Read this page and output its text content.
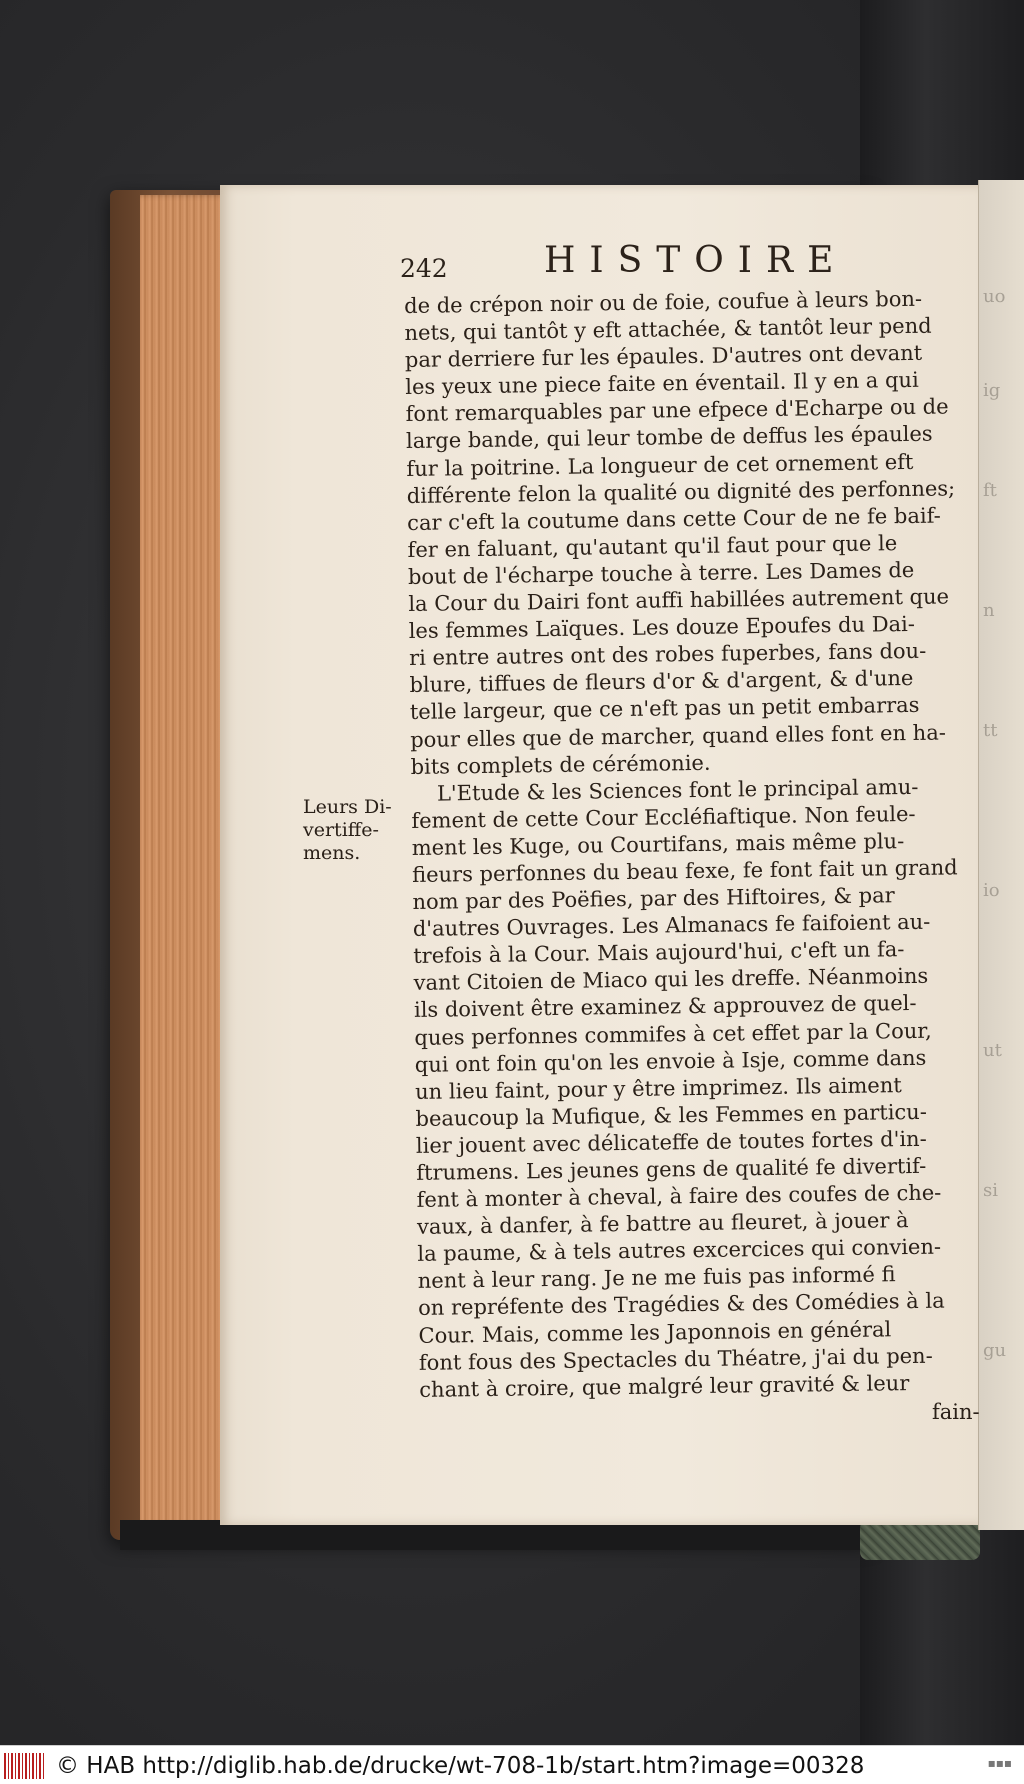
uo
ig
ft
n
tt
io
ut
si
gu
242	HISTOIRE
Leurs Di-
vertiffe-
mens.
de de crépon noir ou de foie, coufue à leurs bon-
nets, qui tantôt y eft attachée, & tantôt leur pend
par derriere fur les épaules. D'autres ont devant
les yeux une piece faite en éventail. Il y en a qui
font remarquables par une efpece d'Echarpe ou de
large bande, qui leur tombe de deffus les épaules
fur la poitrine. La longueur de cet ornement eft
différente felon la qualité ou dignité des perfonnes;
car c'eft la coutume dans cette Cour de ne fe baif-
fer en faluant, qu'autant qu'il faut pour que le
bout de l'écharpe touche à terre. Les Dames de
la Cour du Dairi font auffi habillées autrement que
les femmes Laïques. Les douze Epoufes du Dai-
ri entre autres ont des robes fuperbes, fans dou-
blure, tiffues de fleurs d'or & d'argent, & d'une
telle largeur, que ce n'eft pas un petit embarras
pour elles que de marcher, quand elles font en ha-
bits complets de cérémonie.
L'Etude & les Sciences font le principal amu-
fement de cette Cour Eccléfiaftique. Non feule-
ment les Kuge, ou Courtifans, mais même plu-
fieurs perfonnes du beau fexe, fe font fait un grand
nom par des Poëfies, par des Hiftoires, & par
d'autres Ouvrages. Les Almanacs fe faifoient au-
trefois à la Cour. Mais aujourd'hui, c'eft un fa-
vant Citoien de Miaco qui les dreffe. Néanmoins
ils doivent être examinez & approuvez de quel-
ques perfonnes commifes à cet effet par la Cour,
qui ont foin qu'on les envoie à Isje, comme dans
un lieu faint, pour y être imprimez. Ils aiment
beaucoup la Mufique, & les Femmes en particu-
lier jouent avec délicateffe de toutes fortes d'in-
ftrumens. Les jeunes gens de qualité fe divertif-
fent à monter à cheval, à faire des coufes de che-
vaux, à danfer, à fe battre au fleuret, à jouer à
la paume, & à tels autres excercices qui convien-
nent à leur rang. Je ne me fuis pas informé fi
on repréfente des Tragédies & des Comédies à la
Cour. Mais, comme les Japonnois en général
font fous des Spectacles du Théatre, j'ai du pen-
chant à croire, que malgré leur gravité & leur
fain-
© HAB http://diglib.hab.de/drucke/wt-708-1b/start.htm?image=00328	▪▪▪
